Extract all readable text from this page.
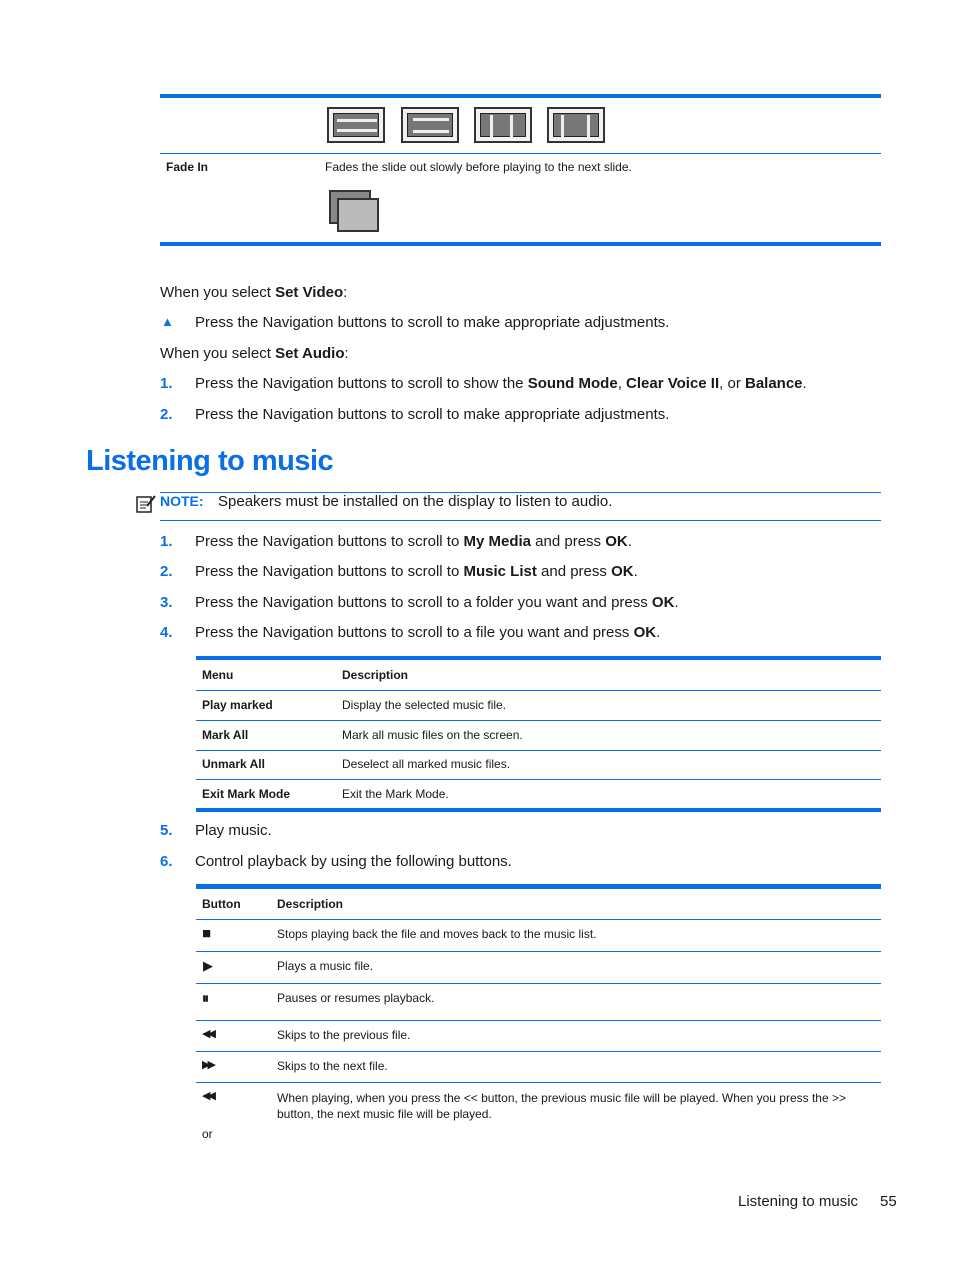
Fade In	Fades the slide out slowly before playing to the next slide.
When you select Set Video:
▲ Press the Navigation buttons to scroll to make appropriate adjustments.
When you select Set Audio:
1. Press the Navigation buttons to scroll to show the Sound Mode, Clear Voice II, or Balance.
2. Press the Navigation buttons to scroll to make appropriate adjustments.
Listening to music
NOTE: Speakers must be installed on the display to listen to audio.
1. Press the Navigation buttons to scroll to My Media and press OK.
2. Press the Navigation buttons to scroll to Music List and press OK.
3. Press the Navigation buttons to scroll to a folder you want and press OK.
4. Press the Navigation buttons to scroll to a file you want and press OK.
Menu	Description
Play marked	Display the selected music file.
Mark All	Mark all music files on the screen.
Unmark All	Deselect all marked music files.
Exit Mark Mode	Exit the Mark Mode.
5. Play music.
6. Control playback by using the following buttons.
Button	Description
■	Stops playing back the file and moves back to the music list.
▶	Plays a music file.
⏸	Pauses or resumes playback.
◀◀	Skips to the previous file.
▶▶	Skips to the next file.
◀◀	When playing, when you press the << button, the previous music file will be played. When you press the >> button, the next music file will be played.
or
Listening to music 55
